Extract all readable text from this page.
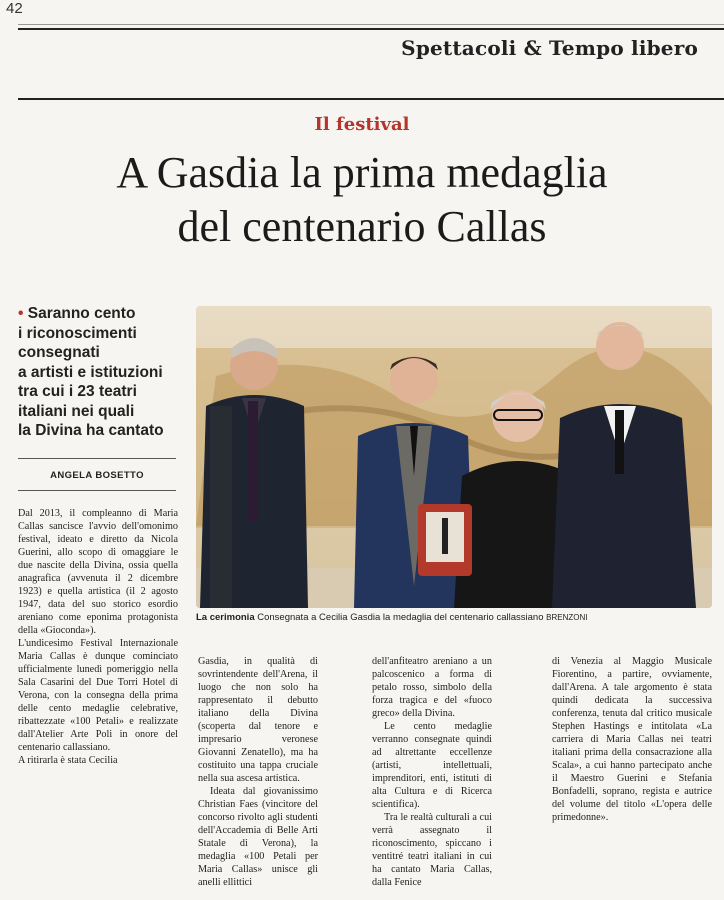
42
Spettacoli & Tempo libero
Il festival
A Gasdia la prima medaglia
del centenario Callas
• Saranno cento
i riconoscimenti
consegnati
a artisti e istituzioni
tra cui i 23 teatri
italiani nei quali
la Divina ha cantato
ANGELA BOSETTO

Dal 2013, il compleanno di Maria Callas sancisce l'avvio dell'omonimo festival, ideato e diretto da Nicola Guerini, allo scopo di omaggiare le due nascite della Divina, ossia quella anagrafica (avvenuta il 2 dicembre 1923) e quella artistica (il 2 agosto 1947, data del suo storico esordio areniano come eponima protagonista della «Gioconda»).

L'undicesimo Festival Internazionale Maria Callas è dunque cominciato ufficialmente lunedì pomeriggio nella Sala Casarini del Due Torri Hotel di Verona, con la consegna della prima delle cento medaglie celebrative, ribattezzate «100 Petali» e realizzate dall'Atelier Arte Poli in onore del centenario callassiano.

A ritirarla è stata Cecilia

La cerimonia Consegnata a Cecilia Gasdia la medaglia del centenario callassiano BRENZONI

Gasdia, in qualità di sovrintendente dell'Arena, il luogo che non solo ha rappresentato il debutto italiano della Divina (scoperta dal tenore e impresario veronese Giovanni Zenatello), ma ha costituito una tappa cruciale nella sua ascesa artistica.

Ideata dal giovanissimo Christian Faes (vincitore del concorso rivolto agli studenti dell'Accademia di Belle Arti Statale di Verona), la medaglia «100 Petali per Maria Callas» unisce gli anelli ellittici

dell'anfiteatro areniano a un palcoscenico a forma di petalo rosso, simbolo della forza tragica e del «fuoco greco» della Divina.

Le cento medaglie verranno consegnate quindi ad altrettante eccellenze (artisti, intellettuali, imprenditori, enti, istituti di alta Cultura e di Ricerca scientifica).

Tra le realtà culturali a cui verrà assegnato il riconoscimento, spiccano i ventitré teatri italiani in cui ha cantato Maria Callas, dalla Fenice

di Venezia al Maggio Musicale Fiorentino, a partire, ovviamente, dall'Arena. A tale argomento è stata quindi dedicata la successiva conferenza, tenuta dal critico musicale Stephen Hastings e intitolata «La carriera di Maria Callas nei teatri italiani prima della consacrazione alla Scala», a cui hanno partecipato anche il Maestro Guerini e Stefania Bonfadelli, soprano, regista e autrice del volume del titolo «L'opera delle primedonne».
